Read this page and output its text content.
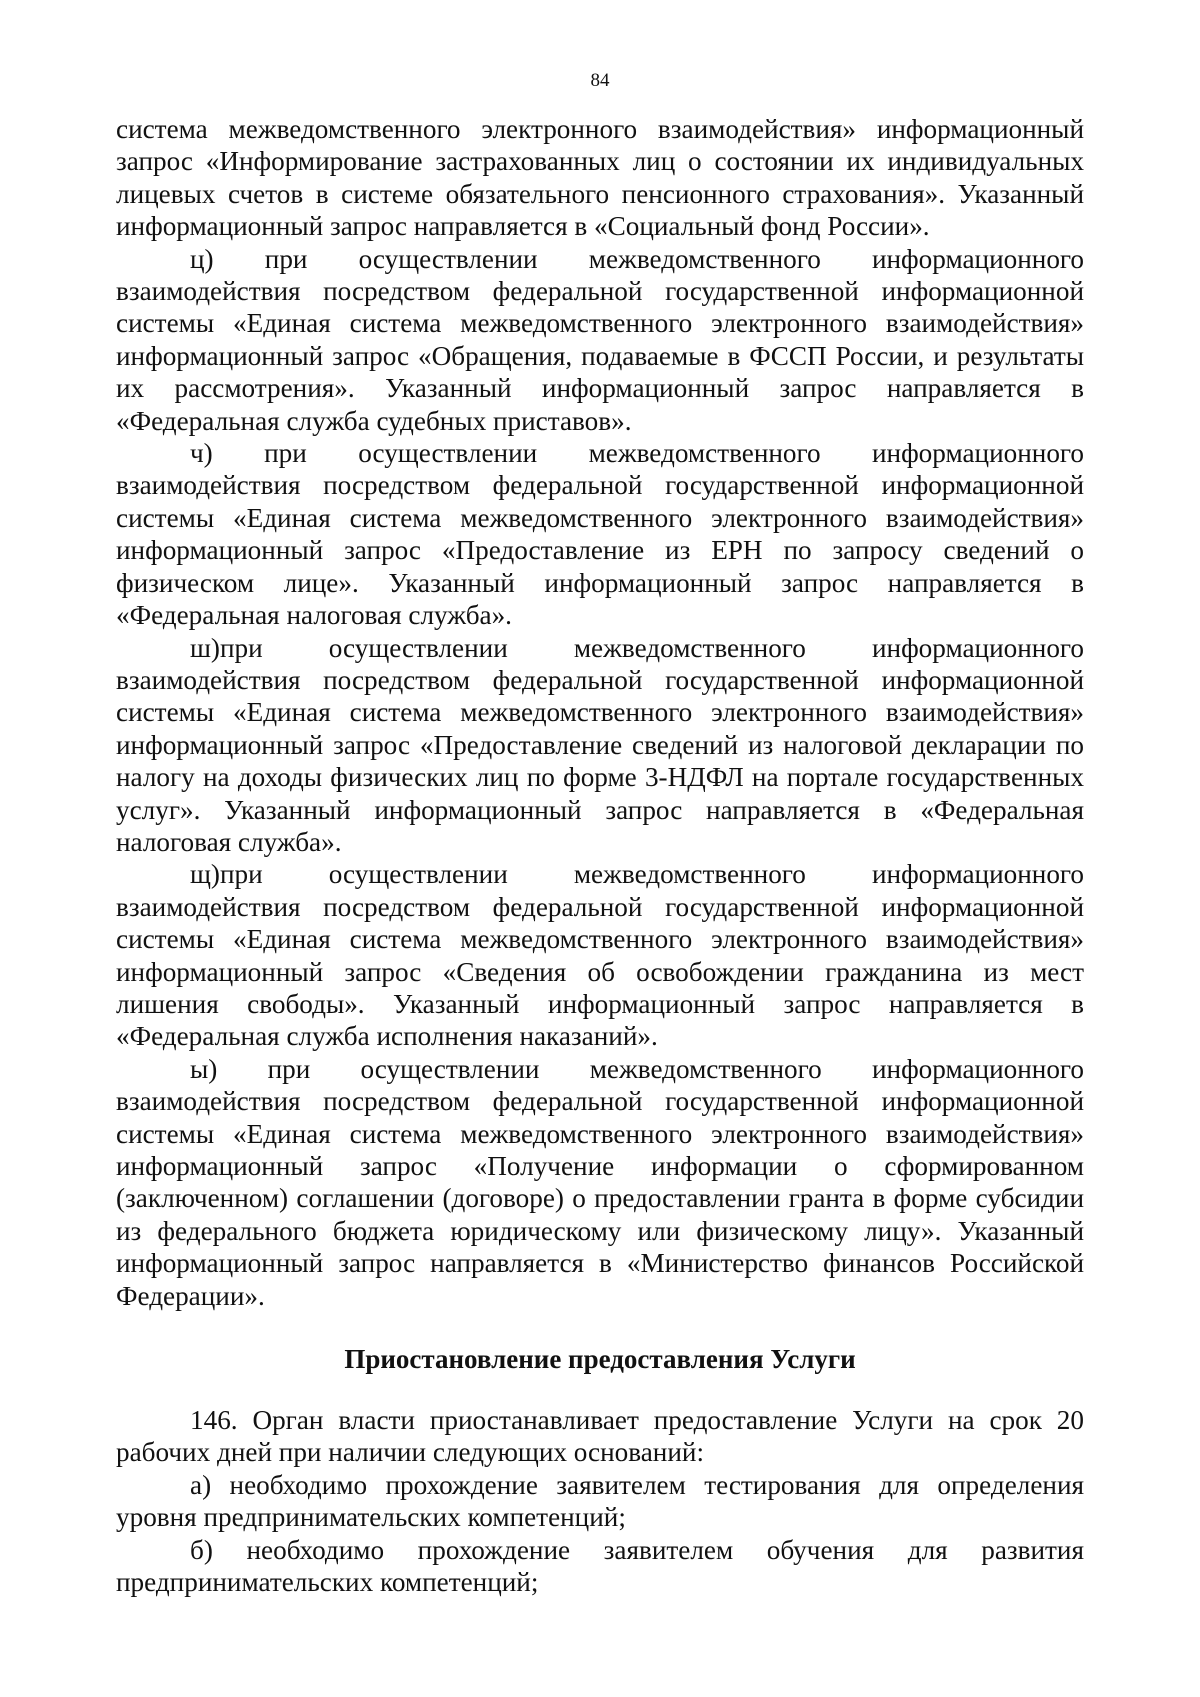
84

система межведомственного электронного взаимодействия» информационный запрос «Информирование застрахованных лиц о состоянии их индивидуальных лицевых счетов в системе обязательного пенсионного страхования». Указанный информационный запрос направляется в «Социальный фонд России».

ц) при осуществлении межведомственного информационного взаимодействия посредством федеральной государственной информационной системы «Единая система межведомственного электронного взаимодействия» информационный запрос «Обращения, подаваемые в ФССП России, и результаты их рассмотрения». Указанный информационный запрос направляется в «Федеральная служба судебных приставов».

ч) при осуществлении межведомственного информационного взаимодействия посредством федеральной государственной информационной системы «Единая система межведомственного электронного взаимодействия» информационный запрос «Предоставление из ЕРН по запросу сведений о физическом лице». Указанный информационный запрос направляется в «Федеральная налоговая служба».

ш)при осуществлении межведомственного информационного взаимодействия посредством федеральной государственной информационной системы «Единая система межведомственного электронного взаимодействия» информационный запрос «Предоставление сведений из налоговой декларации по налогу на доходы физических лиц по форме 3-НДФЛ на портале государственных услуг». Указанный информационный запрос направляется в «Федеральная налоговая служба».

щ)при осуществлении межведомственного информационного взаимодействия посредством федеральной государственной информационной системы «Единая система межведомственного электронного взаимодействия» информационный запрос «Сведения об освобождении гражданина из мест лишения свободы». Указанный информационный запрос направляется в «Федеральная служба исполнения наказаний».

ы) при осуществлении межведомственного информационного взаимодействия посредством федеральной государственной информационной системы «Единая система межведомственного электронного взаимодействия» информационный запрос «Получение информации о сформированном (заключенном) соглашении (договоре) о предоставлении гранта в форме субсидии из федерального бюджета юридическому или физическому лицу». Указанный информационный запрос направляется в «Министерство финансов Российской Федерации».

Приостановление предоставления Услуги

146. Орган власти приостанавливает предоставление Услуги на срок 20 рабочих дней при наличии следующих оснований:

а) необходимо прохождение заявителем тестирования для определения уровня предпринимательских компетенций;

б) необходимо прохождение заявителем обучения для развития предпринимательских компетенций;
